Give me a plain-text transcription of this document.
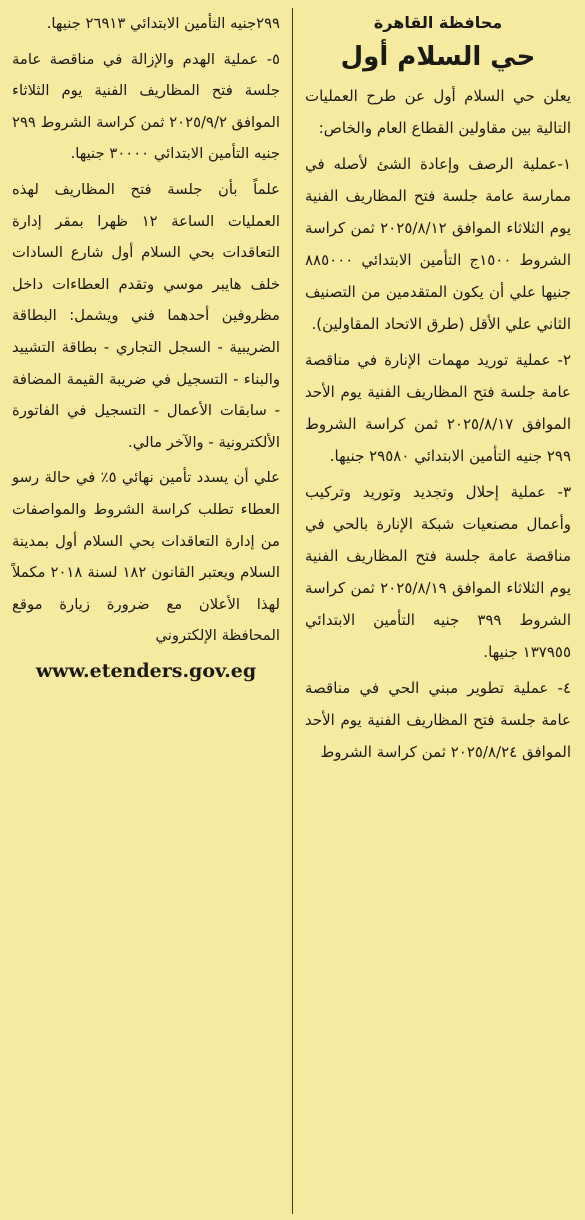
محافظة القاهرة
حي السلام أول

يعلن حي السلام أول عن طرح العمليات التالية بين مقاولين القطاع العام والخاص:

١-عملية الرصف وإعادة الشئ لأصله في ممارسة عامة جلسة فتح المظاريف الفنية يوم الثلاثاء الموافق ٢٠٢٥/٨/١٢ ثمن كراسة الشروط ١٥٠٠ج التأمين الابتدائي ٨٨٥٠٠٠ جنيها علي أن يكون المتقدمين من التصنيف الثاني علي الأقل (طرق الاتحاد المقاولين).

٢- عملية توريد مهمات الإنارة في مناقصة عامة جلسة فتح المظاريف الفنية يوم الأحد الموافق ٢٠٢٥/٨/١٧ ثمن كراسة الشروط ٢٩٩ جنيه التأمين الابتدائي ٢٩٥٨٠ جنيها.

٣- عملية إحلال وتجديد وتوريد وتركيب وأعمال مصنعيات شبكة الإنارة بالحي في مناقصة عامة جلسة فتح المظاريف الفنية يوم الثلاثاء الموافق ٢٠٢٥/٨/١٩ ثمن كراسة الشروط ٣٩٩ جنيه التأمين الابتدائي ١٣٧٩٥٥ جنيها.

٤- عملية تطوير مبني الحي في مناقصة عامة جلسة فتح المظاريف الفنية يوم الأحد الموافق ٢٠٢٥/٨/٢٤ ثمن كراسة الشروط

٢٩٩جنيه التأمين الابتدائي ٢٦٩١٣ جنيها.

٥- عملية الهدم والإزالة في مناقصة عامة جلسة فتح المظاريف الفنية يوم الثلاثاء الموافق ٢٠٢٥/٩/٢ ثمن كراسة الشروط ٢٩٩ جنيه التأمين الابتدائي ٣٠٠٠٠ جنيها.

علماً بأن جلسة فتح المظاريف لهذه العمليات الساعة ١٢ ظهرا بمقر إدارة التعاقدات بحي السلام أول شارع السادات خلف هايبر موسي وتقدم العطاءات داخل مظروفين أحدهما فني ويشمل: البطاقة الضريبية - السجل التجاري - بطاقة التشييد والبناء - التسجيل في ضريبة القيمة المضافة - سابقات الأعمال - التسجيل في الفاتورة الألكترونية - والآخر مالي.

علي أن يسدد تأمين نهائي ٥٪ في حالة رسو العطاء تطلب كراسة الشروط والمواصفات من إدارة التعاقدات بحي السلام أول بمدينة السلام ويعتبر القانون ١٨٢ لسنة ٢٠١٨ مكملاً لهذا الأعلان مع ضرورة زيارة موقع المحافظة الإلكتروني

www.etenders.gov.eg
